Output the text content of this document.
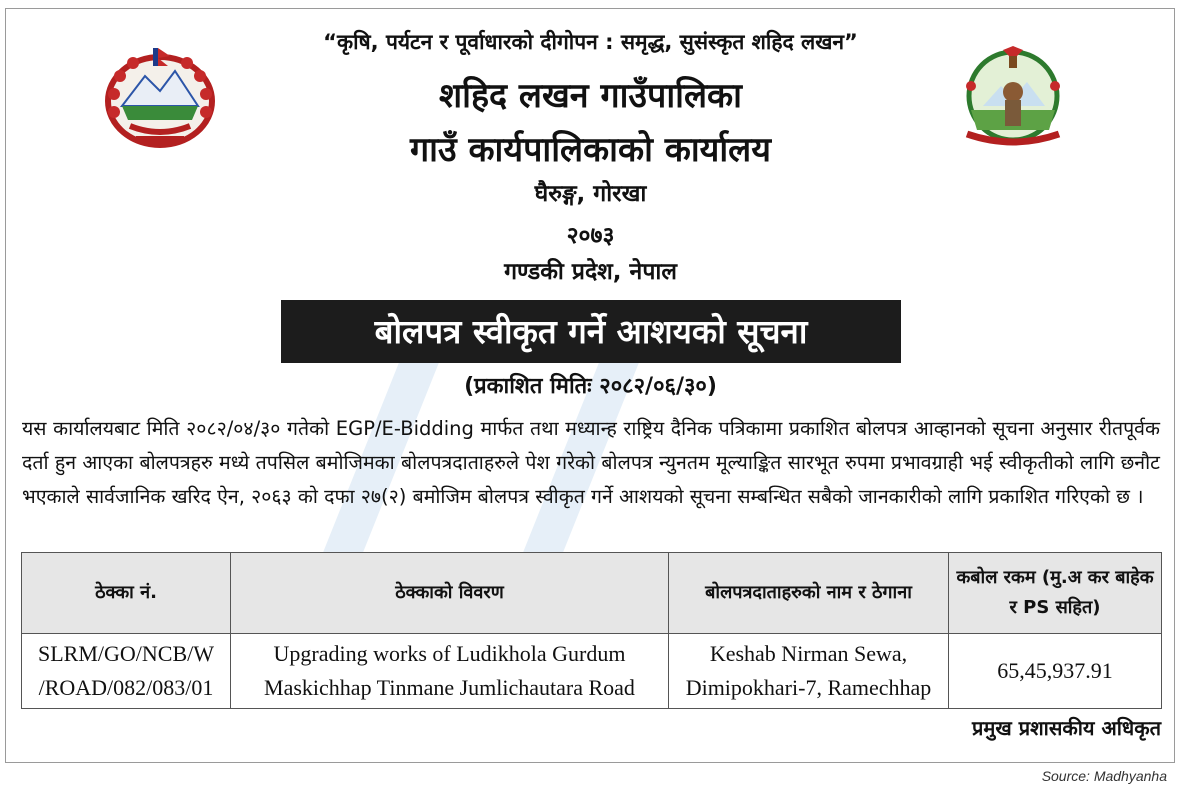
“कृषि, पर्यटन र पूर्वाधारको दीगोपन : समृद्ध, सुसंस्कृत शहिद लखन”
शहिद लखन गाउँपालिका
गाउँ कार्यपालिकाको कार्यालय
घैरुङ्ग, गोरखा
२०७३
गण्डकी प्रदेश, नेपाल
बोलपत्र स्वीकृत गर्ने आशयको सूचना
(प्रकाशित मितिः २०८२/०६/३०)
यस कार्यालयबाट मिति २०८२/०४/३० गतेको EGP/E-Bidding मार्फत तथा मध्यान्ह राष्ट्रिय दैनिक पत्रिकामा प्रकाशित बोलपत्र आव्हानको सूचना अनुसार रीतपूर्वक दर्ता हुन आएका बोलपत्रहरु मध्ये तपसिल बमोजिमका बोलपत्रदाताहरुले पेश गरेको बोलपत्र न्युनतम मूल्याङ्कित सारभूत रुपमा प्रभावग्राही भई स्वीकृतीको लागि छनौट भएकाले सार्वजानिक खरिद ऐन, २०६३ को दफा २७(२) बमोजिम बोलपत्र स्वीकृत गर्ने आशयको सूचना सम्बन्धित सबैको जानकारीको लागि प्रकाशित गरिएको छ ।
ठेक्का नं.	ठेक्काको विवरण	बोलपत्रदाताहरुको नाम र ठेगाना	कबोल रकम (मु.अ कर बाहेक र PS सहित)
SLRM/GO/NCB/W /ROAD/082/083/01	Upgrading works of Ludikhola Gurdum Maskichhap Tinmane Jumlichautara Road	Keshab Nirman Sewa, Dimipokhari-7, Ramechhap	65,45,937.91
प्रमुख प्रशासकीय अधिकृत
Source: Madhyanha
